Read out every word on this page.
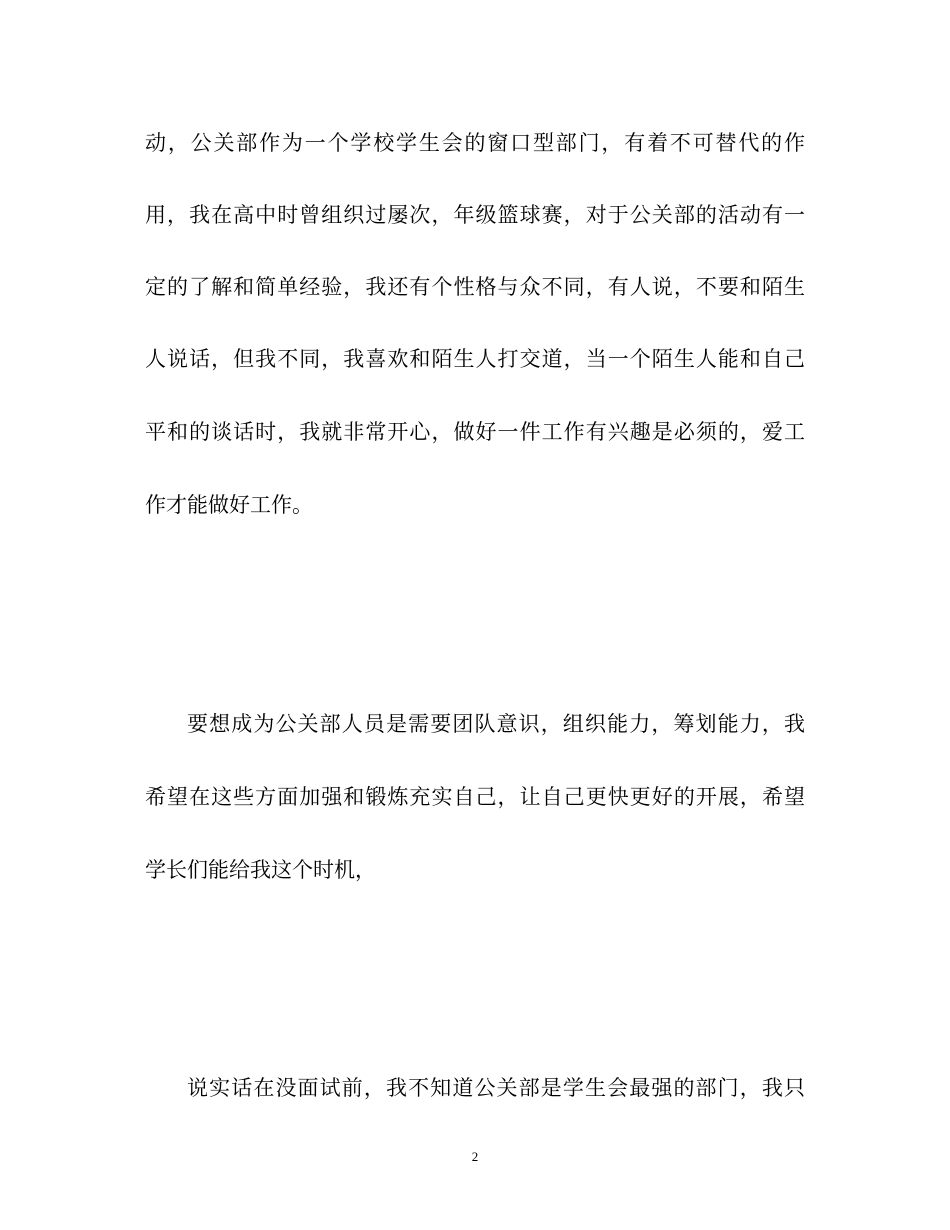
动，公关部作为一个学校学生会的窗口型部门，有着不可替代的作
用，我在高中时曾组织过屡次，年级篮球赛，对于公关部的活动有一
定的了解和简单经验，我还有个性格与众不同，有人说，不要和陌生
人说话，但我不同，我喜欢和陌生人打交道，当一个陌生人能和自己
平和的谈话时，我就非常开心，做好一件工作有兴趣是必须的，爱工
作才能做好工作。
要想成为公关部人员是需要团队意识，组织能力，筹划能力，我
希望在这些方面加强和锻炼充实自己，让自己更快更好的开展，希望
学长们能给我这个时机，
说实话在没面试前，我不知道公关部是学生会最强的部门，我只
2
